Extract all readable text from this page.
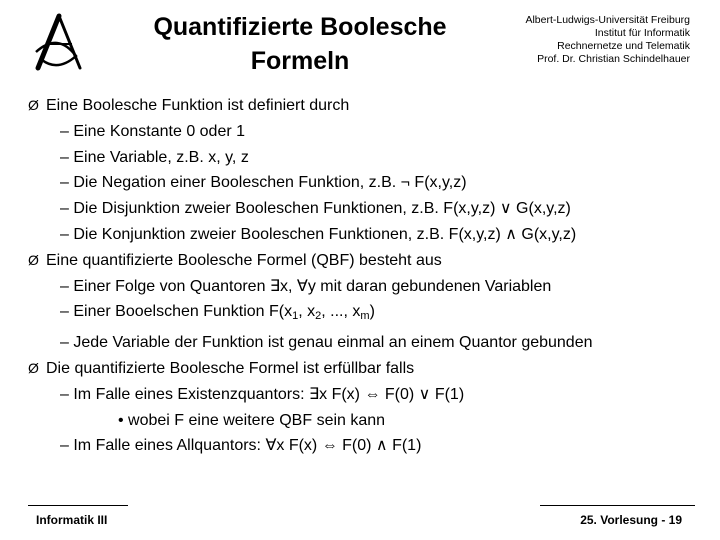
Quantifizierte Boolesche
Formeln
Albert-Ludwigs-Universität Freiburg
Institut für Informatik
Rechnernetze und Telematik
Prof. Dr. Christian Schindelhauer
Ø Eine Boolesche Funktion ist definiert durch
– Eine Konstante 0 oder 1
– Eine Variable, z.B. x, y, z
– Die Negation einer Booleschen Funktion, z.B. ¬ F(x,y,z)
– Die Disjunktion zweier Booleschen Funktionen, z.B. F(x,y,z) ∨ G(x,y,z)
– Die Konjunktion zweier Booleschen Funktionen, z.B. F(x,y,z) ∧ G(x,y,z)
Ø Eine quantifizierte Boolesche Formel (QBF) besteht aus
– Einer Folge von Quantoren ∃x, ∀y mit daran gebundenen Variablen
– Einer Booelschen Funktion $F(x_1$, $x_2$, ..., $x_m$)
– Jede Variable der Funktion ist genau einmal an einem Quantor gebunden
Ø Die quantifizierte Boolesche Formel ist erfüllbar falls
– Im Falle eines Existenzquantors: ∃x F(x) ⇔ F(0) ∨ F(1)
• wobei F eine weitere QBF sein kann
– Im Falle eines Allquantors: ∀x F(x) ⇔ F(0) ∧ F(1)
Informatik III	25. Vorlesung - 19
